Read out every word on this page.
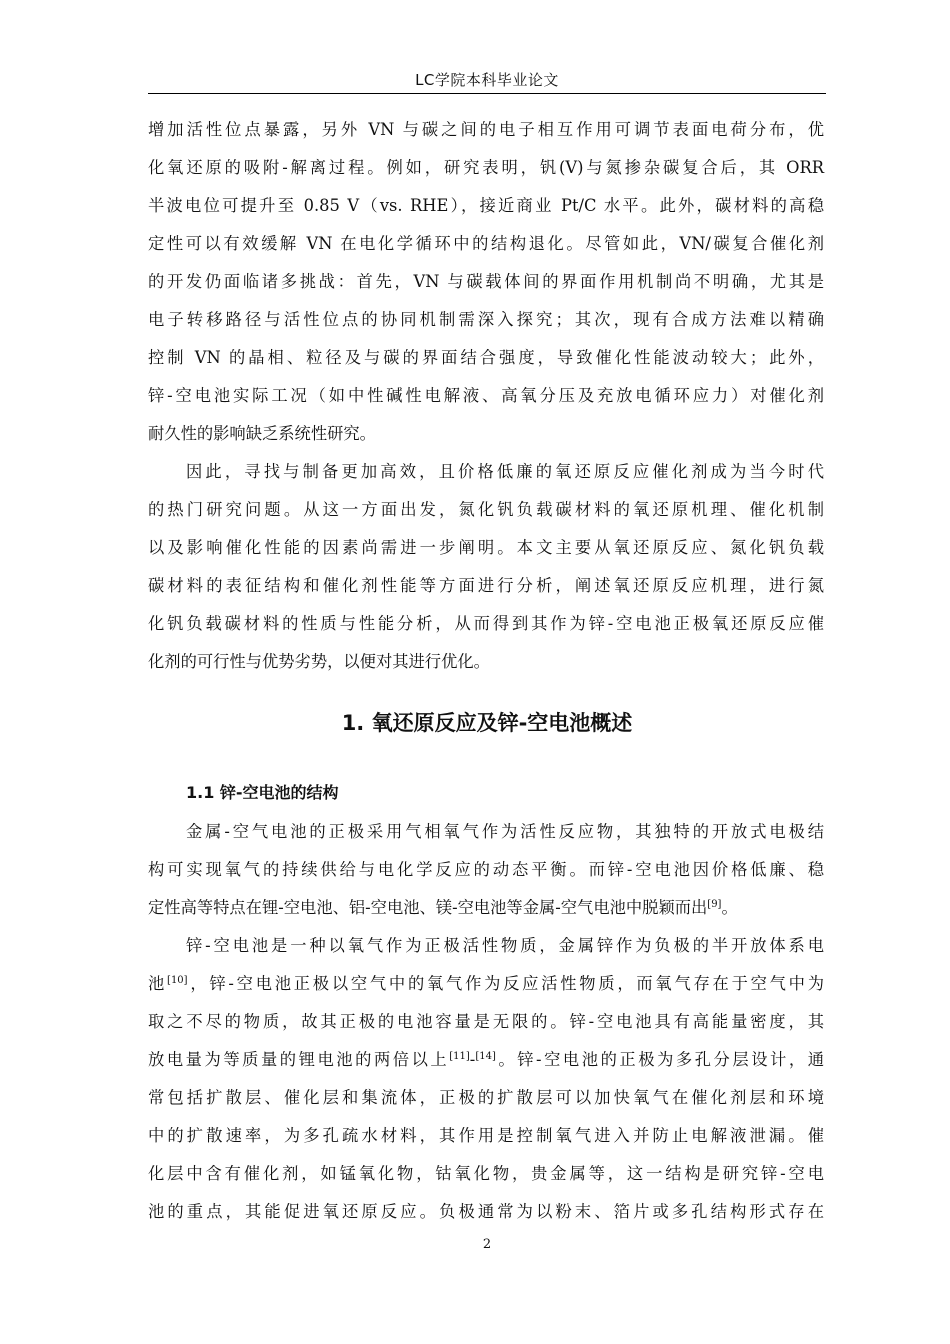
LC学院本科毕业论文
增加活性位点暴露，另外 VN 与碳之间的电子相互作用可调节表面电荷分布，优
化氧还原的吸附-解离过程。例如，研究表明，钒(V)与氮掺杂碳复合后，其 ORR
半波电位可提升至 0.85 V（vs. RHE），接近商业 Pt/C 水平。此外，碳材料的高稳
定性可以有效缓解 VN 在电化学循环中的结构退化。尽管如此，VN/碳复合催化剂
的开发仍面临诸多挑战：首先，VN 与碳载体间的界面作用机制尚不明确，尤其是
电子转移路径与活性位点的协同机制需深入探究；其次，现有合成方法难以精确
控制 VN 的晶相、粒径及与碳的界面结合强度，导致催化性能波动较大；此外，
锌-空电池实际工况（如中性碱性电解液、高氧分压及充放电循环应力）对催化剂
耐久性的影响缺乏系统性研究。
因此，寻找与制备更加高效，且价格低廉的氧还原反应催化剂成为当今时代
的热门研究问题。从这一方面出发，氮化钒负载碳材料的氧还原机理、催化机制
以及影响催化性能的因素尚需进一步阐明。本文主要从氧还原反应、氮化钒负载
碳材料的表征结构和催化剂性能等方面进行分析，阐述氧还原反应机理，进行氮
化钒负载碳材料的性质与性能分析，从而得到其作为锌-空电池正极氧还原反应催
化剂的可行性与优势劣势，以便对其进行优化。
1. 氧还原反应及锌-空电池概述
1.1 锌-空电池的结构
金属-空气电池的正极采用气相氧气作为活性反应物，其独特的开放式电极结
构可实现氧气的持续供给与电化学反应的动态平衡。而锌-空电池因价格低廉、稳
定性高等特点在锂-空电池、铝-空电池、镁-空电池等金属-空气电池中脱颖而出[9]。
锌-空电池是一种以氧气作为正极活性物质，金属锌作为负极的半开放体系电
池[10]，锌-空电池正极以空气中的氧气作为反应活性物质，而氧气存在于空气中为
取之不尽的物质，故其正极的电池容量是无限的。锌-空电池具有高能量密度，其
放电量为等质量的锂电池的两倍以上[11]-[14]。锌-空电池的正极为多孔分层设计，通
常包括扩散层、催化层和集流体，正极的扩散层可以加快氧气在催化剂层和环境
中的扩散速率，为多孔疏水材料，其作用是控制氧气进入并防止电解液泄漏。催
化层中含有催化剂，如锰氧化物，钴氧化物，贵金属等，这一结构是研究锌-空电
池的重点，其能促进氧还原反应。负极通常为以粉末、箔片或多孔结构形式存在
2
